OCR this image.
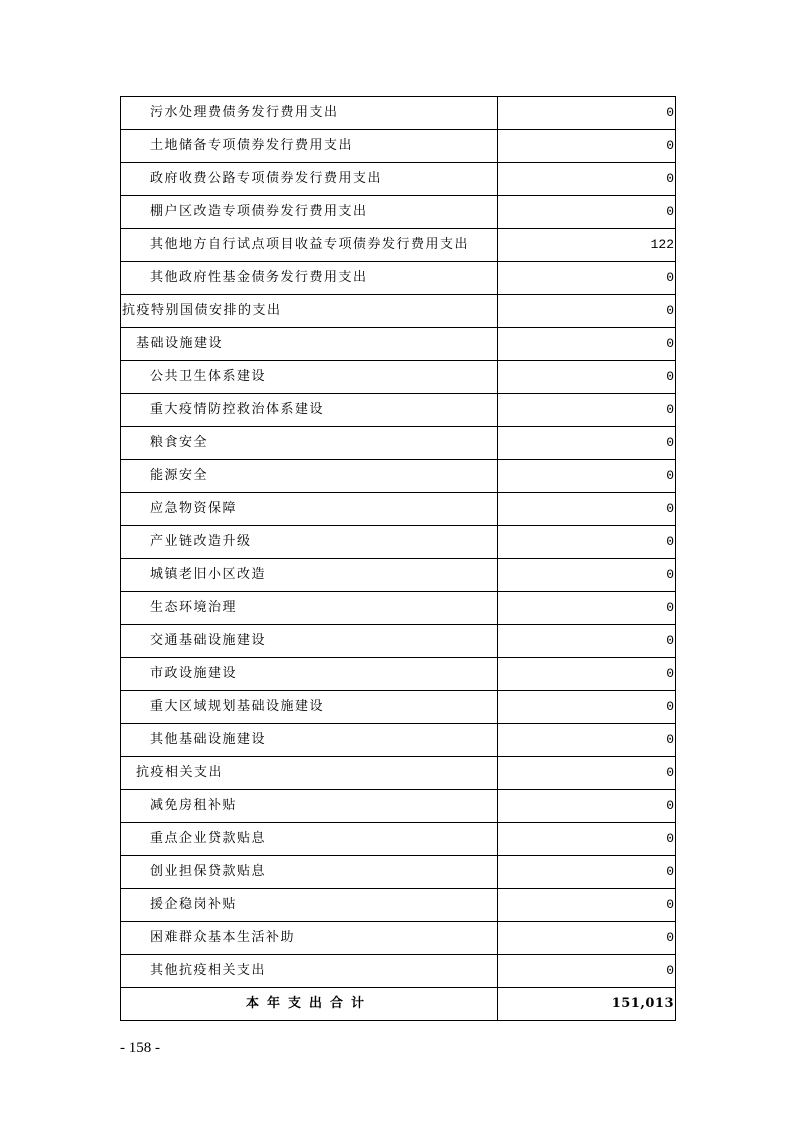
污水处理费债务发行费用支出	0
土地储备专项债券发行费用支出	0
政府收费公路专项债券发行费用支出	0
棚户区改造专项债券发行费用支出	0
其他地方自行试点项目收益专项债券发行费用支出	122
其他政府性基金债务发行费用支出	0
抗疫特别国债安排的支出	0
基础设施建设	0
公共卫生体系建设	0
重大疫情防控救治体系建设	0
粮食安全	0
能源安全	0
应急物资保障	0
产业链改造升级	0
城镇老旧小区改造	0
生态环境治理	0
交通基础设施建设	0
市政设施建设	0
重大区域规划基础设施建设	0
其他基础设施建设	0
抗疫相关支出	0
减免房租补贴	0
重点企业贷款贴息	0
创业担保贷款贴息	0
援企稳岗补贴	0
困难群众基本生活补助	0
其他抗疫相关支出	0
本年支出合计	151,013
- 158 -
